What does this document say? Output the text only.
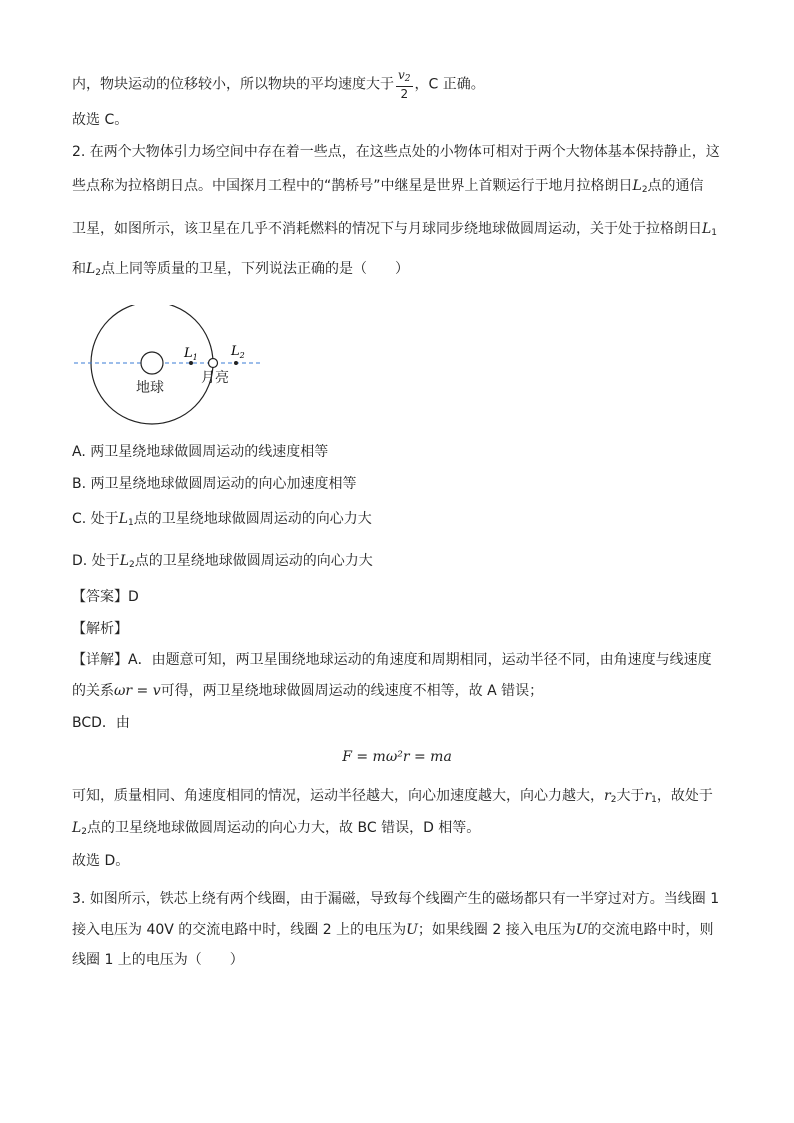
内，物块运动的位移较小，所以物块的平均速度大于 $\frac{v_2}{2}$ ，C 正确。
故选 C。
2. 在两个大物体引力场空间中存在着一些点，在这些点处的小物体可相对于两个大物体基本保持静止，这
些点称为拉格朗日点。中国探月工程中的“鹊桥号”中继星是世界上首颗运行于地月拉格朗日$L_2$点的通信
卫星，如图所示，该卫星在几乎不消耗燃料的情况下与月球同步绕地球做圆周运动，关于处于拉格朗日$L_1$
和$L_2$点上同等质量的卫星，下列说法正确的是（　　）
$L_1$	$L_2$
地球
月亮
A. 两卫星绕地球做圆周运动的线速度相等
B. 两卫星绕地球做圆周运动的向心加速度相等
C. 处于$L_1$点的卫星绕地球做圆周运动的向心力大
D. 处于$L_2$点的卫星绕地球做圆周运动的向心力大
【答案】D
【解析】
【详解】A．由题意可知，两卫星围绕地球运动的角速度和周期相同，运动半径不同，由角速度与线速度
的关系ωr = v可得，两卫星绕地球做圆周运动的线速度不相等，故 A 错误；
BCD．由
F = mω²r = ma
可知，质量相同、角速度相同的情况，运动半径越大，向心加速度越大，向心力越大，$r_2$大于$r_1$，故处于
$L_2$点的卫星绕地球做圆周运动的向心力大，故 BC 错误，D 相等。
故选 D。
3. 如图所示，铁芯上绕有两个线圈，由于漏磁，导致每个线圈产生的磁场都只有一半穿过对方。当线圈 1
接入电压为 40V 的交流电路中时，线圈 2 上的电压为U；如果线圈 2 接入电压为U的交流电路中时，则
线圈 1 上的电压为（　　）
